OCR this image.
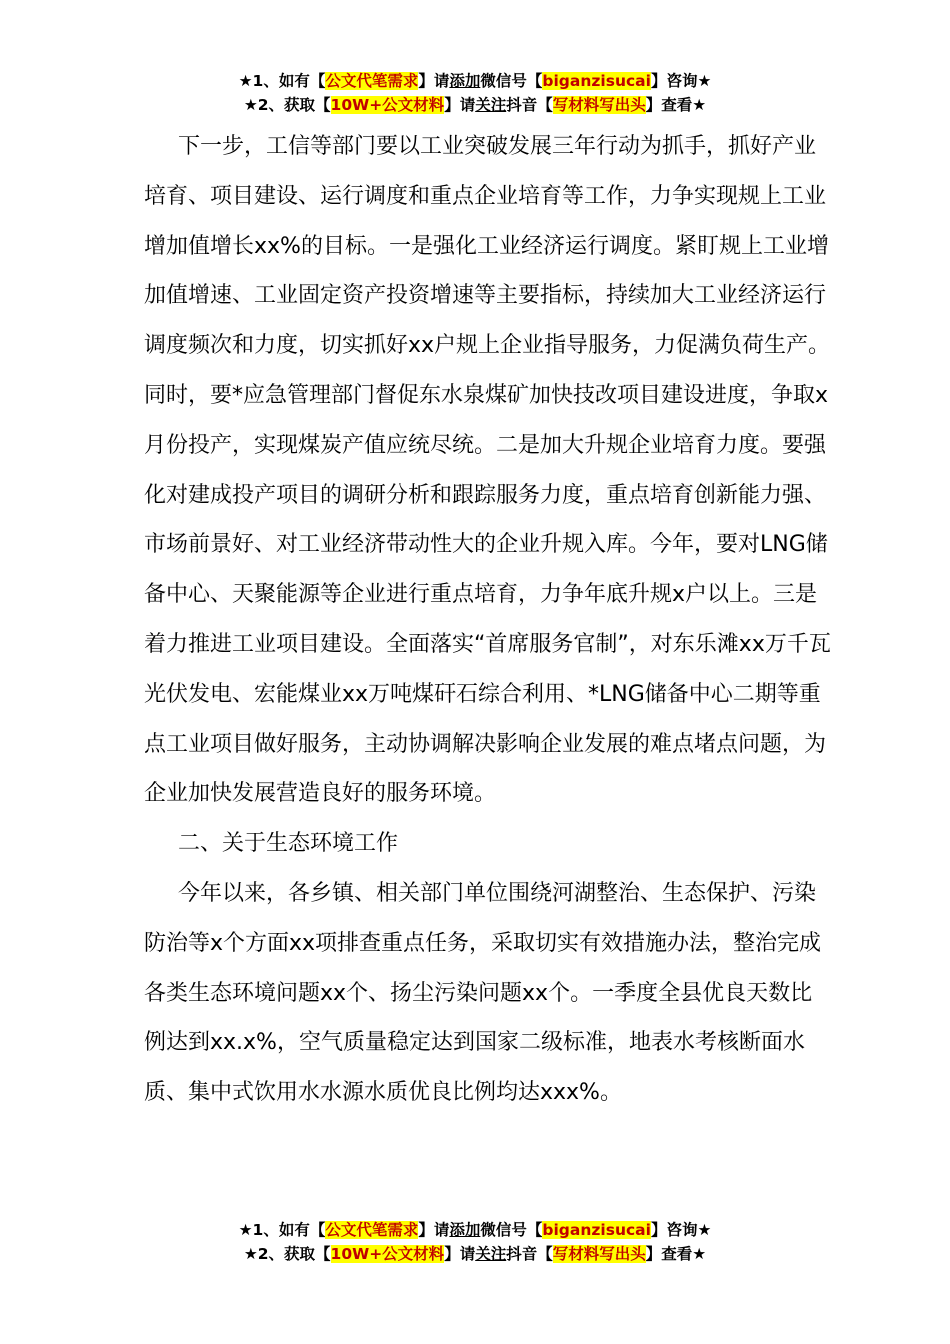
★1、如有【公文代笔需求】请添加微信号【biganzisucai】咨询★
★2、获取【10W+公文材料】请关注抖音【写材料写出头】查看★

下一步，工信等部门要以工业突破发展三年行动为抓手，抓好产业培育、项目建设、运行调度和重点企业培育等工作，力争实现规上工业增加值增长xx%的目标。一是强化工业经济运行调度。紧盯规上工业增加值增速、工业固定资产投资增速等主要指标，持续加大工业经济运行调度频次和力度，切实抓好xx户规上企业指导服务，力促满负荷生产。同时，要*应急管理部门督促东水泉煤矿加快技改项目建设进度，争取x月份投产，实现煤炭产值应统尽统。二是加大升规企业培育力度。要强化对建成投产项目的调研分析和跟踪服务力度，重点培育创新能力强、市场前景好、对工业经济带动性大的企业升规入库。今年，要对LNG储备中心、天聚能源等企业进行重点培育，力争年底升规x户以上。三是着力推进工业项目建设。全面落实“首席服务官制”，对东乐滩xx万千瓦光伏发电、宏能煤业xx万吨煤矸石综合利用、*LNG储备中心二期等重点工业项目做好服务，主动协调解决影响企业发展的难点堵点问题，为企业加快发展营造良好的服务环境。

二、关于生态环境工作

今年以来，各乡镇、相关部门单位围绕河湖整治、生态保护、污染防治等x个方面xx项排查重点任务，采取切实有效措施办法，整治完成各类生态环境问题xx个、扬尘污染问题xx个。一季度全县优良天数比例达到xx.x%，空气质量稳定达到国家二级标准，地表水考核断面水质、集中式饮用水水源水质优良比例均达xxx%。

★1、如有【公文代笔需求】请添加微信号【biganzisucai】咨询★
★2、获取【10W+公文材料】请关注抖音【写材料写出头】查看★
